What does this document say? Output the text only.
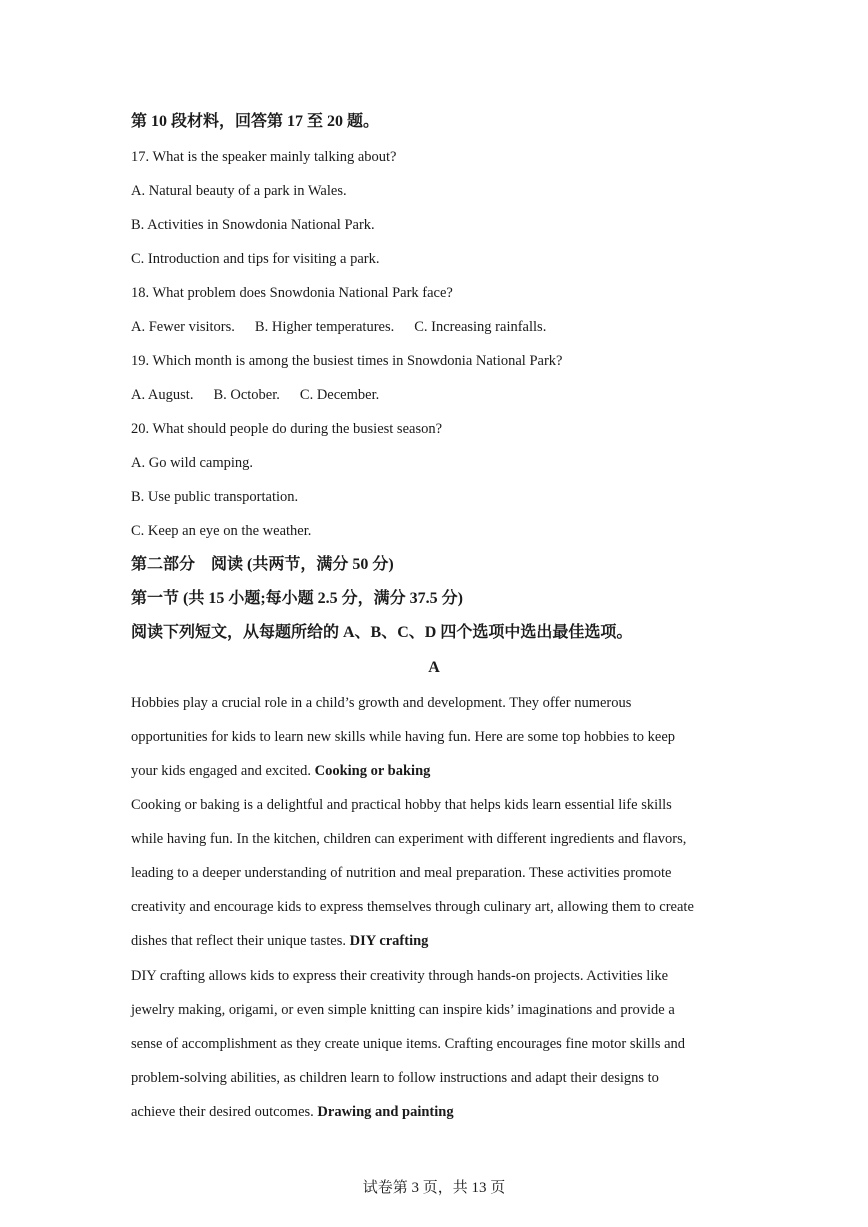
第 10 段材料，回答第 17 至 20 题。
17. What is the speaker mainly talking about?
A. Natural beauty of a park in Wales.
B. Activities in Snowdonia National Park.
C. Introduction and tips for visiting a park.
18. What problem does Snowdonia National Park face?
A. Fewer visitors. B. Higher temperatures. C. Increasing rainfalls.
19. Which month is among the busiest times in Snowdonia National Park?
A. August. B. October. C. December.
20. What should people do during the busiest season?
A. Go wild camping.
B. Use public transportation.
C. Keep an eye on the weather.
第二部分　阅读 (共两节，满分 50 分)
第一节 (共 15 小题;每小题 2.5 分，满分 37.5 分)
阅读下列短文，从每题所给的 A、B、C、D 四个选项中选出最佳选项。
A
Hobbies play a crucial role in a child’s growth and development. They offer numerous
opportunities for kids to learn new skills while having fun. Here are some top hobbies to keep
your kids engaged and excited. Cooking or baking
Cooking or baking is a delightful and practical hobby that helps kids learn essential life skills
while having fun. In the kitchen, children can experiment with different ingredients and flavors,
leading to a deeper understanding of nutrition and meal preparation. These activities promote
creativity and encourage kids to express themselves through culinary art, allowing them to create
dishes that reflect their unique tastes. DIY crafting
DIY crafting allows kids to express their creativity through hands-on projects. Activities like
jewelry making, origami, or even simple knitting can inspire kids’ imaginations and provide a
sense of accomplishment as they create unique items. Crafting encourages fine motor skills and
problem-solving abilities, as children learn to follow instructions and adapt their designs to
achieve their desired outcomes. Drawing and painting
试卷第 3 页，共 13 页
